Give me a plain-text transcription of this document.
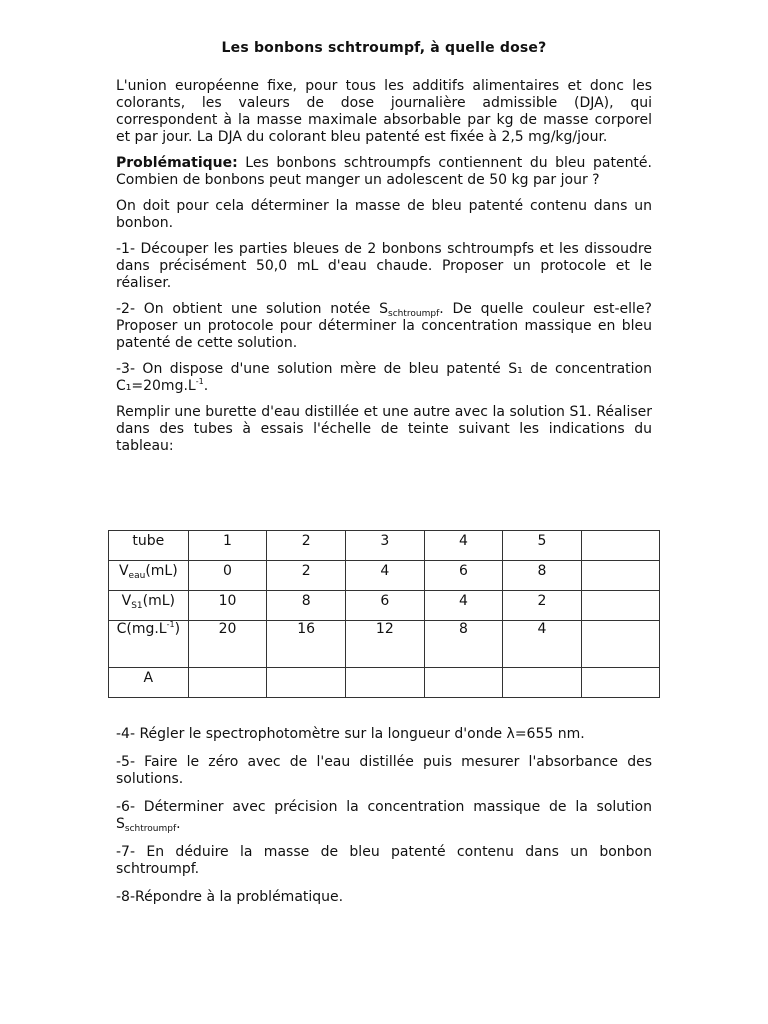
Les bonbons schtroumpf, à quelle dose?

L'union européenne fixe, pour tous les additifs alimentaires et donc les colorants, les valeurs de dose journalière admissible (DJA), qui correspondent à la masse maximale absorbable par kg de masse corporel et par jour. La DJA du colorant bleu patenté est fixée à 2,5 mg/kg/jour.

Problématique: Les bonbons schtroumpfs contiennent du bleu patenté. Combien de bonbons peut manger un adolescent de 50 kg par jour ?

On doit pour cela déterminer la masse de bleu patenté contenu dans un bonbon.

-1- Découper les parties bleues de 2 bonbons schtroumpfs et les dissoudre dans précisément 50,0 mL d'eau chaude. Proposer un protocole et le réaliser.

-2- On obtient une solution notée $S_{schtroumpf}$. De quelle couleur est-elle? Proposer un protocole pour déterminer la concentration massique en bleu patenté de cette solution.

-3- On dispose d'une solution mère de bleu patenté S₁ de concentration $C_1=20mg.L^{-1}$.

Remplir une burette d'eau distillée et une autre avec la solution S1. Réaliser dans des tubes à essais l'échelle de teinte suivant les indications du tableau:

tube	1	2	3	4	5	
$V_{eau}(mL)$	0	2	4	6	8	
$V_{S1}(mL)$	10	8	6	4	2	
$C(mg.L^{-1})$	20	16	12	8	4	
A						

-4- Régler le spectrophotomètre sur la longueur d'onde λ=655 nm.

-5- Faire le zéro avec de l'eau distillée puis mesurer l'absorbance des solutions.

-6- Déterminer avec précision la concentration massique de la solution $S_{schtroumpf}$.

-7- En déduire la masse de bleu patenté contenu dans un bonbon schtroumpf.

-8-Répondre à la problématique.
